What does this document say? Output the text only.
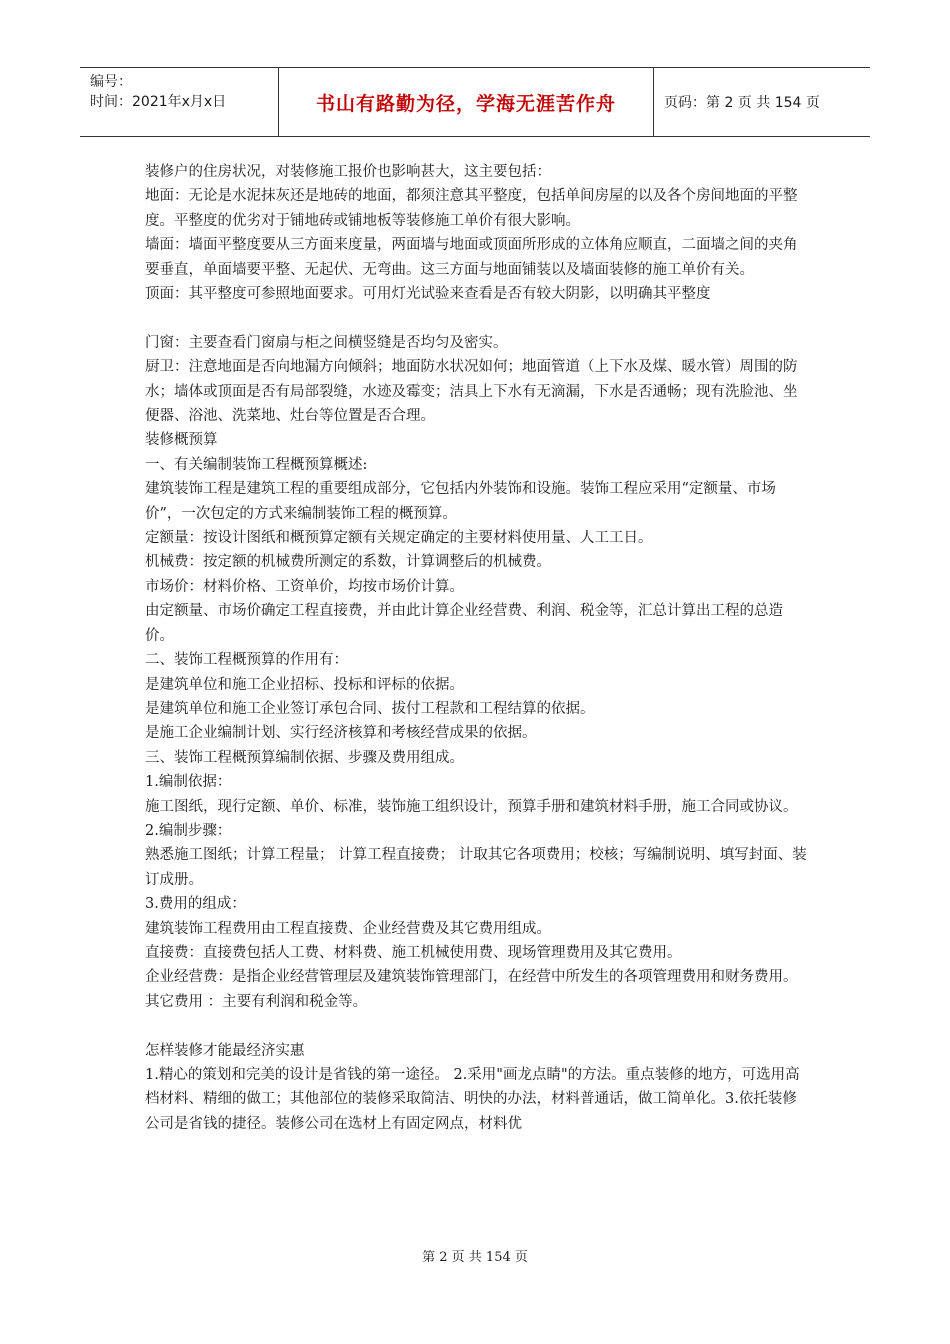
编号：
时间：2021年x月x日	书山有路勤为径，学海无涯苦作舟	页码：第 2 页 共 154 页

装修户的住房状况，对装修施工报价也影响甚大，这主要包括：

地面：无论是水泥抹灰还是地砖的地面，都须注意其平整度，包括单间房屋的以及各个房间地面的平整度。平整度的优劣对于铺地砖或铺地板等装修施工单价有很大影响。

墙面：墙面平整度要从三方面来度量，两面墙与地面或顶面所形成的立体角应顺直，二面墙之间的夹角要垂直，单面墙要平整、无起伏、无弯曲。这三方面与地面铺装以及墙面装修的施工单价有关。

顶面：其平整度可参照地面要求。可用灯光试验来查看是否有较大阴影，以明确其平整度

门窗：主要查看门窗扇与柜之间横竖缝是否均匀及密实。

厨卫：注意地面是否向地漏方向倾斜；地面防水状况如何；地面管道（上下水及煤、暖水管）周围的防水；墙体或顶面是否有局部裂缝，水迹及霉变；洁具上下水有无滴漏，下水是否通畅；现有洗脸池、坐便器、浴池、洗菜地、灶台等位置是否合理。

装修概预算

一、有关编制装饰工程概预算概述:

建筑装饰工程是建筑工程的重要组成部分，它包括内外装饰和设施。装饰工程应采用“定额量、市场价”，一次包定的方式来编制装饰工程的概预算。

定额量：按设计图纸和概预算定额有关规定确定的主要材料使用量、人工工日。

机械费：按定额的机械费所测定的系数，计算调整后的机械费。

市场价：材料价格、工资单价，均按市场价计算。

由定额量、市场价确定工程直接费，并由此计算企业经营费、利润、税金等，汇总计算出工程的总造价。

二、装饰工程概预算的作用有：

是建筑单位和施工企业招标、投标和评标的依据。

是建筑单位和施工企业签订承包合同、拔付工程款和工程结算的依据。

是施工企业编制计划、实行经济核算和考核经营成果的依据。

三、装饰工程概预算编制依据、步骤及费用组成。

1.编制依据：

施工图纸，现行定额、单价、标准，装饰施工组织设计，预算手册和建筑材料手册，施工合同或协议。

2.编制步骤：

熟悉施工图纸；计算工程量； 计算工程直接费； 计取其它各项费用；校核；写编制说明、填写封面、装订成册。

3.费用的组成：

建筑装饰工程费用由工程直接费、企业经营费及其它费用组成。

直接费：直接费包括人工费、材料费、施工机械使用费、现场管理费用及其它费用。

企业经营费：是指企业经营管理层及建筑装饰管理部门，在经营中所发生的各项管理费用和财务费用。

其它费用 ：主要有利润和税金等。

怎样装修才能最经济实惠

1.精心的策划和完美的设计是省钱的第一途径。 2.采用"画龙点睛"的方法。重点装修的地方，可选用高档材料、精细的做工；其他部位的装修采取简洁、明快的办法，材料普通话，做工简单化。3.依托装修公司是省钱的捷径。装修公司在选材上有固定网点，材料优

第 2 页 共 154 页
